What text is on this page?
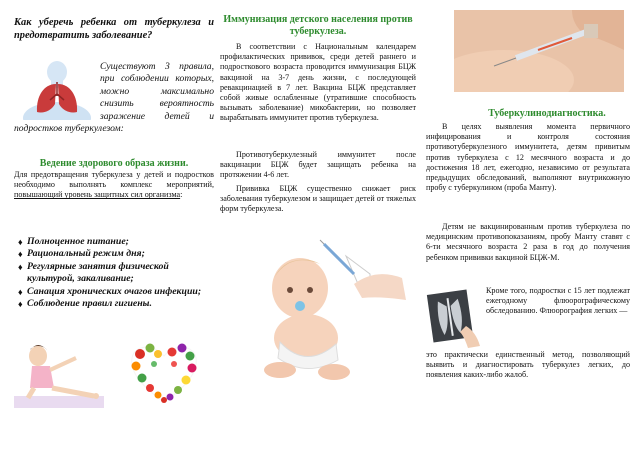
Как уберечь ребенка от туберкулеза и предотвратить заболевание?
Существуют 3 правила, при соблюдении которых, можно максимально снизить вероятность заражение детей и подростков туберкулезом:
Ведение здорового образа жизни.
Для предотвращения туберкулеза у детей и подростков необходимо выполнять комплекс мероприятий, повышающий уровень защитных сил организма:
♦ Полноценное питание;
♦ Рациональный режим дня;
♦ Регулярные занятия физической культурой, закаливание;
♦ Санация хронических очагов инфекции;
♦ Соблюдение правил гигиены.
Иммунизация детского населения против туберкулеза.
В соответствии с Национальным календарем профилактических прививок, среди детей раннего и подросткового возраста проводится иммунизация БЦЖ вакциной на 3-7 день жизни, с последующей ревакцинацией в 7 лет. Вакцина БЦЖ представляет собой живые ослабленные (утратившие способность вызывать заболевание) микобактерии, но позволяет вырабатывать иммунитет против туберкулеза.
Противотуберкулезный иммунитет после вакцинации БЦЖ будет защищать ребенка на протяжении 4-6 лет.
Прививка БЦЖ существенно снижает риск заболевания туберкулезом и защищает детей от тяжелых форм туберкулеза.
Туберкулинодиагностика.
В целях выявления момента первичного инфицирования и контроля состояния противотуберкулезного иммунитета, детям привитым против туберкулеза с 12 месячного возраста и до достижения 18 лет, ежегодно, независимо от результата предыдущих обследований, выполняют внутрикожную пробу с туберкулином (проба Манту).
Детям не вакцинированным против туберкулеза по медицинским противопоказаниям, пробу Манту ставят с 6-ти месячного возраста 2 раза в год до получения ребенком прививки вакциной БЦЖ-М.
Кроме того, подростки с 15 лет подлежат ежегодному флюорографическому обследованию. Флюорография легких —
это практически единственный метод, позволяющий выявить и диагностировать туберкулез легких, до появления каких-либо жалоб.
